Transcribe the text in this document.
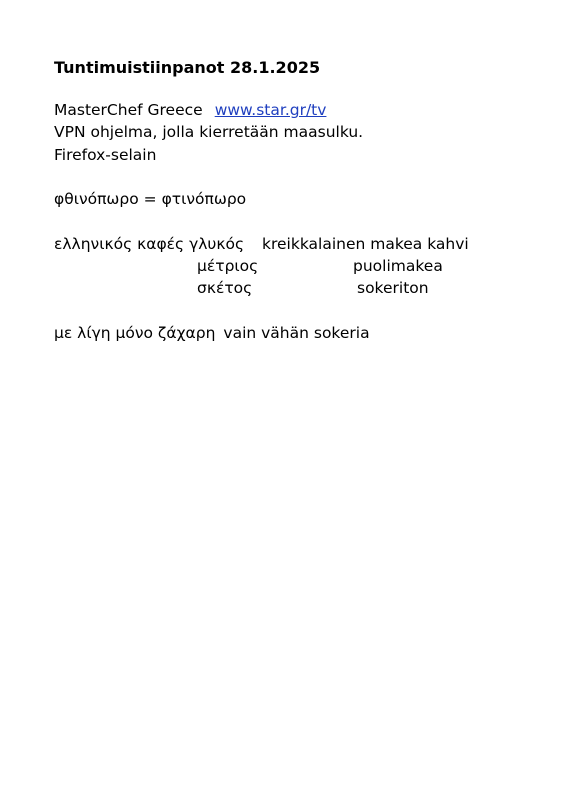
Tuntimuistiinpanot 28.1.2025
MasterChef Greece www.star.gr/tv
VPN ohjelma, jolla kierretään maasulku.
Firefox-selain
φθινόπωρο = φτινόπωρο
ελληνικός καφές γλυκός kreikkalainen makea kahvi
μέτριος	puolimakea
σκέτος	sokeriton
με λίγη μόνο ζάχαρη vain vähän sokeria
